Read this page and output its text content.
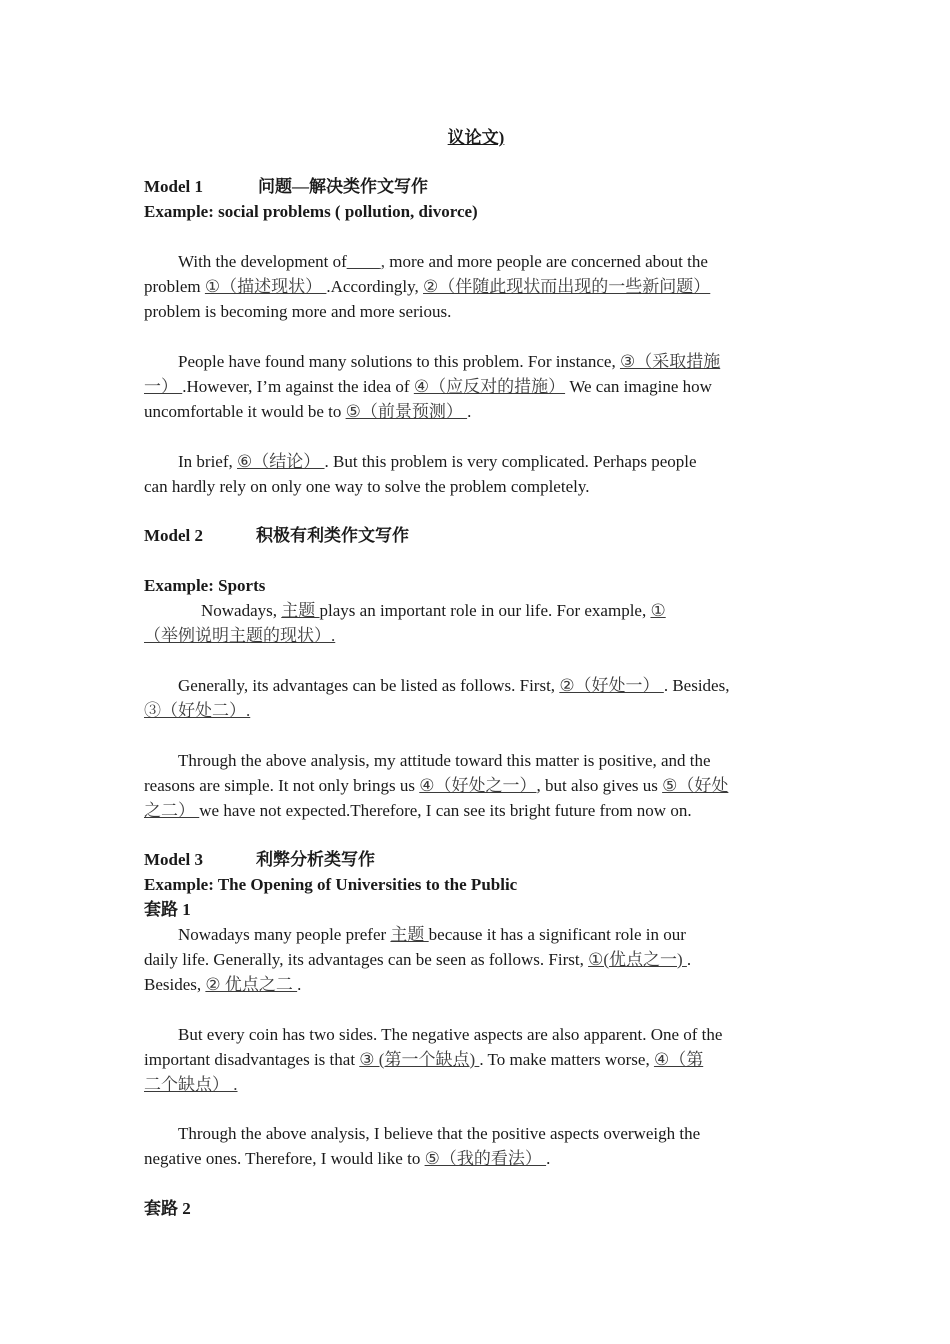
议论文)
Model 1	问题—解决类作文写作
Example: social problems ( pollution, divorce)
With the development of____, more and more people are concerned about the
problem ①（描述现状） .Accordingly, ②（伴随此现状而出现的一些新问题）
problem is becoming more and more serious.
People have found many solutions to this problem. For instance, ③（采取措施
一） .However, I’m against the idea of ④（应反对的措施） We can imagine how
uncomfortable it would be to ⑤（前景预测） .
In brief, ⑥（结论） . But this problem is very complicated. Perhaps people
can hardly rely on only one way to solve the problem completely.
Model 2	积极有利类作文写作
Example: Sports
Nowadays, 主题 plays an important role in our life. For example, ①
（举例说明主题的现状）.
Generally, its advantages can be listed as follows. First, ②（好处一） . Besides,
③（好处二）.
Through the above analysis, my attitude toward this matter is positive, and the
reasons are simple. It not only brings us ④（好处之一）, but also gives us ⑤（好处
之二） we have not expected.Therefore, I can see its bright future from now on.
Model 3	利弊分析类写作
Example: The Opening of Universities to the Public
套路 1
Nowadays many people prefer 主题 because it has a significant role in our
daily life. Generally, its advantages can be seen as follows. First, ①(优点之一) .
Besides, ② 优点之二 .
But every coin has two sides. The negative aspects are also apparent. One of the
important disadvantages is that ③ (第一个缺点) . To make matters worse, ④（第
二个缺点） .
Through the above analysis, I believe that the positive aspects overweigh the
negative ones. Therefore, I would like to ⑤（我的看法） .
套路 2
